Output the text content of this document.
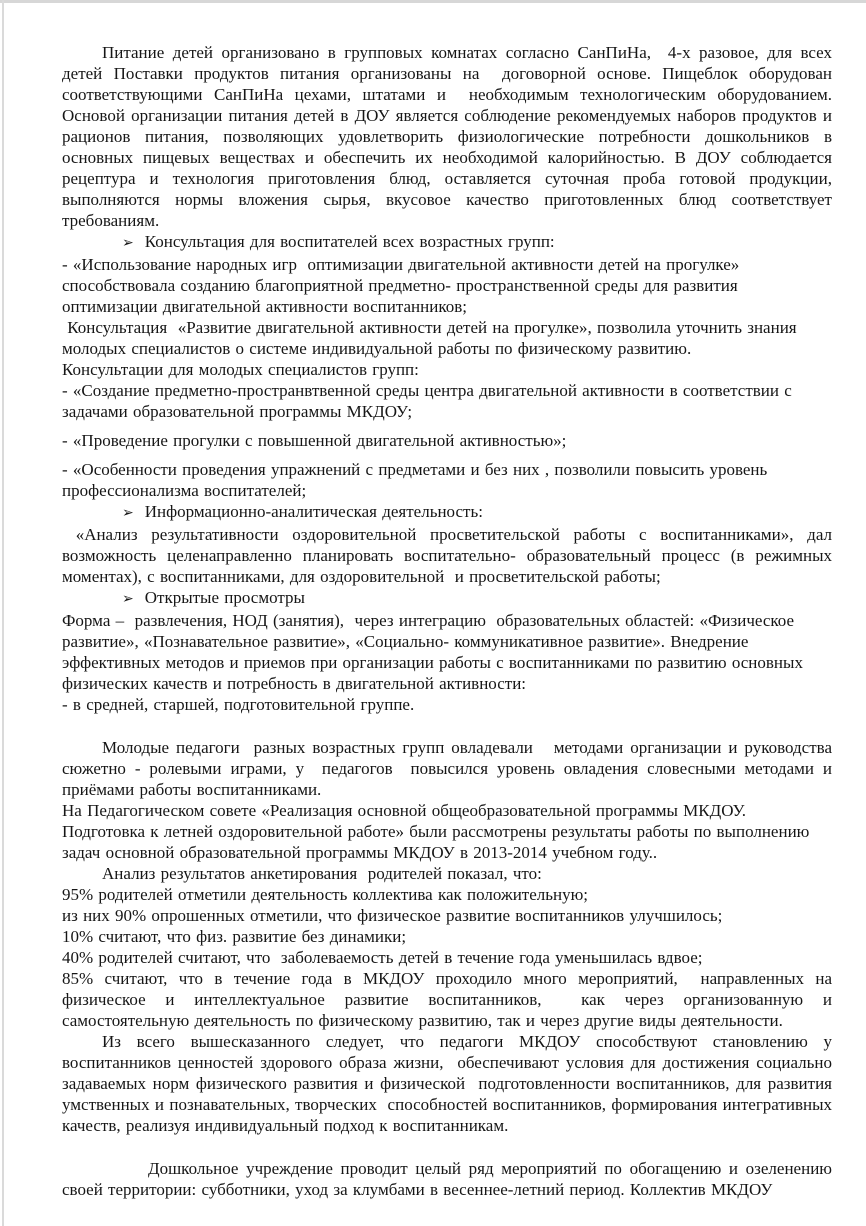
Питание детей организовано в групповых комнатах согласно СанПиНа,  4-х разовое, для всех детей Поставки продуктов питания организованы на  договорной основе. Пищеблок оборудован соответствующими СанПиНа цехами, штатами и  необходимым технологическим оборудованием. Основой организации питания детей в ДОУ является соблюдение рекомендуемых наборов продуктов и рационов питания, позволяющих удовлетворить физиологические потребности дошкольников в основных пищевых веществах и обеспечить их необходимой калорийностью. В ДОУ соблюдается рецептура и технология приготовления блюд, оставляется суточная проба готовой продукции, выполняются нормы вложения сырья, вкусовое качество приготовленных блюд соответствует требованиям.

➢ Консультация для воспитателей всех возрастных групп:

- «Использование народных игр  оптимизации двигательной активности детей на прогулке» способствовала созданию благоприятной предметно- пространственной среды для развития оптимизации двигательной активности воспитанников;

Консультация  «Развитие двигательной активности детей на прогулке», позволила уточнить знания молодых специалистов о системе индивидуальной работы по физическому развитию.

Консультации для молодых специалистов групп:

- «Создание предметно-пространвтвенной среды центра двигательной активности в соответствии с задачами образовательной программы МКДОУ;

- «Проведение прогулки с повышенной двигательной активностью»;

- «Особенности проведения упражнений с предметами и без них , позволили повысить уровень профессионализма воспитателей;

➢ Информационно-аналитическая деятельность:

«Анализ результативности оздоровительной просветительской работы с воспитанниками», дал возможность целенаправленно планировать воспитательно- образовательный процесс (в режимных моментах), с воспитанниками, для оздоровительной  и просветительской работы;

➢ Открытые просмотры

Форма –  развлечения, НОД (занятия),  через интеграцию  образовательных областей: «Физическое развитие», «Познавательное развитие», «Социально- коммуникативное развитие». Внедрение  эффективных методов и приемов при организации работы с воспитанниками по развитию основных физических качеств и потребность в двигательной активности:

- в средней, старшей, подготовительной группе.

Молодые педагоги  разных возрастных групп овладевали   методами организации и руководства сюжетно - ролевыми играми, у  педагогов  повысился уровень овладения словесными методами и приёмами работы воспитанниками.

На Педагогическом совете «Реализация основной общеобразовательной программы МКДОУ. Подготовка к летней оздоровительной работе» были рассмотрены результаты работы по выполнению задач основной образовательной программы МКДОУ в 2013-2014 учебном году..

Анализ результатов анкетирования  родителей показал, что:

95% родителей отметили деятельность коллектива как положительную;

из них 90% опрошенных отметили, что физическое развитие воспитанников улучшилось;

10% считают, что физ. развитие без динамики;

40% родителей считают, что  заболеваемость детей в течение года уменьшилась вдвое;

85% считают, что в течение года в МКДОУ проходило много мероприятий,  направленных на физическое и интеллектуальное развитие воспитанников,  как через организованную и самостоятельную деятельность по физическому развитию, так и через другие виды деятельности.

Из всего вышесказанного следует, что педагоги МКДОУ способствуют становлению у воспитанников ценностей здорового образа жизни,  обеспечивают условия для достижения социально задаваемых норм физического развития и физической  подготовленности воспитанников, для развития умственных и познавательных, творческих  способностей воспитанников, формирования интегративных качеств, реализуя индивидуальный подход к воспитанникам.

Дошкольное учреждение проводит целый ряд мероприятий по обогащению и озеленению своей территории: субботники, уход за клумбами в весеннее-летний период. Коллектив МКДОУ
